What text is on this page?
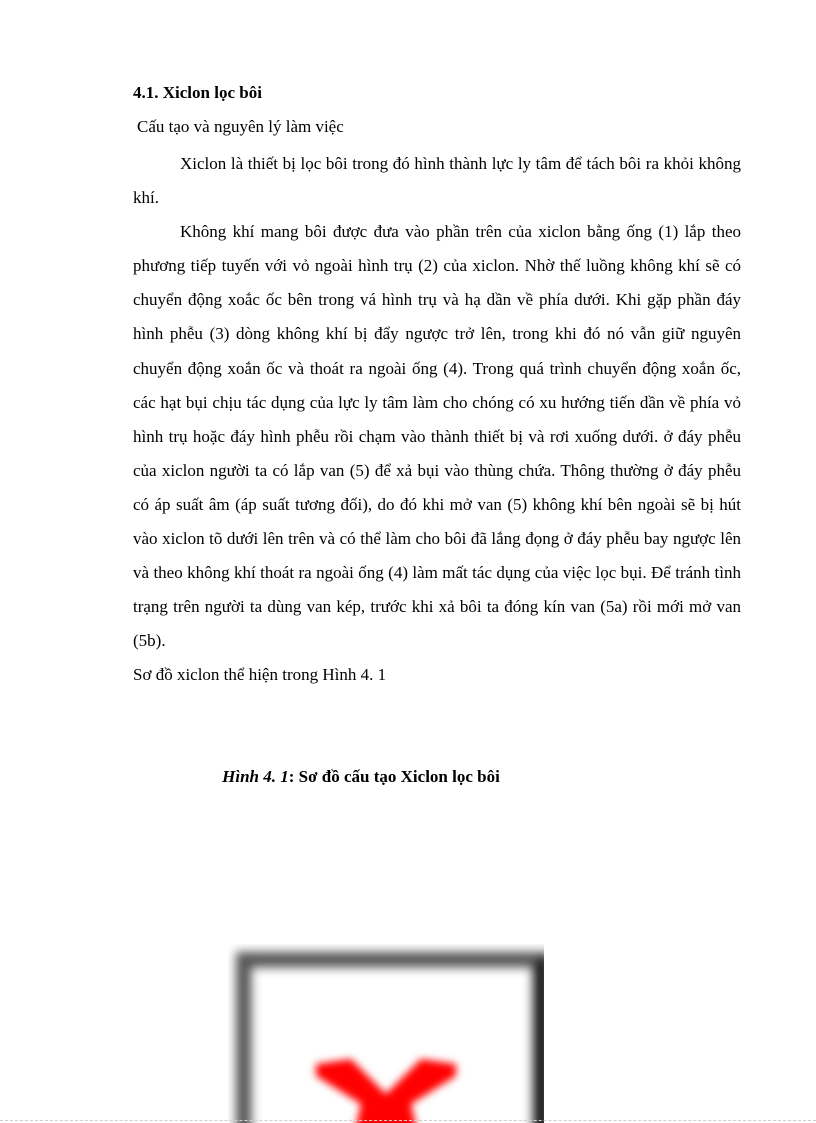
4.1. Xiclon lọc bôi
Cấu tạo và nguyên lý làm việc

Xiclon là thiết bị lọc bôi trong đó hình thành lực ly tâm để tách bôi ra khỏi không khí.

Không khí mang bôi được đưa vào phần trên của xiclon bằng ống (1) lắp theo phương tiếp tuyến với vỏ ngoài hình trụ (2) của xiclon. Nhờ thế luồng không khí sẽ có chuyển động xoắc ốc bên trong vá hình trụ và hạ dần về phía dưới. Khi gặp phần đáy hình phễu (3) dòng không khí bị đẩy ngược trở lên, trong khi đó nó vẫn giữ nguyên chuyển động xoắn ốc và thoát ra ngoài ống (4). Trong quá trình chuyển động xoắn ốc, các hạt bụi chịu tác dụng của lực ly tâm làm cho chóng có xu hướng tiến dần về phía vỏ hình trụ hoặc đáy hình phễu rồi chạm vào thành thiết bị và rơi xuống dưới. ở đáy phễu của xiclon người ta có lắp van (5) để xả bụi vào thùng chứa. Thông thường ở đáy phễu có áp suất âm (áp suất tương đối), do đó khi mở van (5) không khí bên ngoài sẽ bị hút vào xiclon tõ dưới lên trên và có thể làm cho bôi đã lắng đọng ở đáy phễu bay ngược lên và theo không khí thoát ra ngoài ống (4) làm mất tác dụng của việc lọc bụi. Để tránh tình trạng trên người ta dùng van kép, trước khi xả bôi ta đóng kín van (5a) rồi mới mở van (5b).

Sơ đồ xiclon thể hiện trong Hình 4. 1

Hình 4. 1: Sơ đồ cấu tạo Xiclon lọc bôi
